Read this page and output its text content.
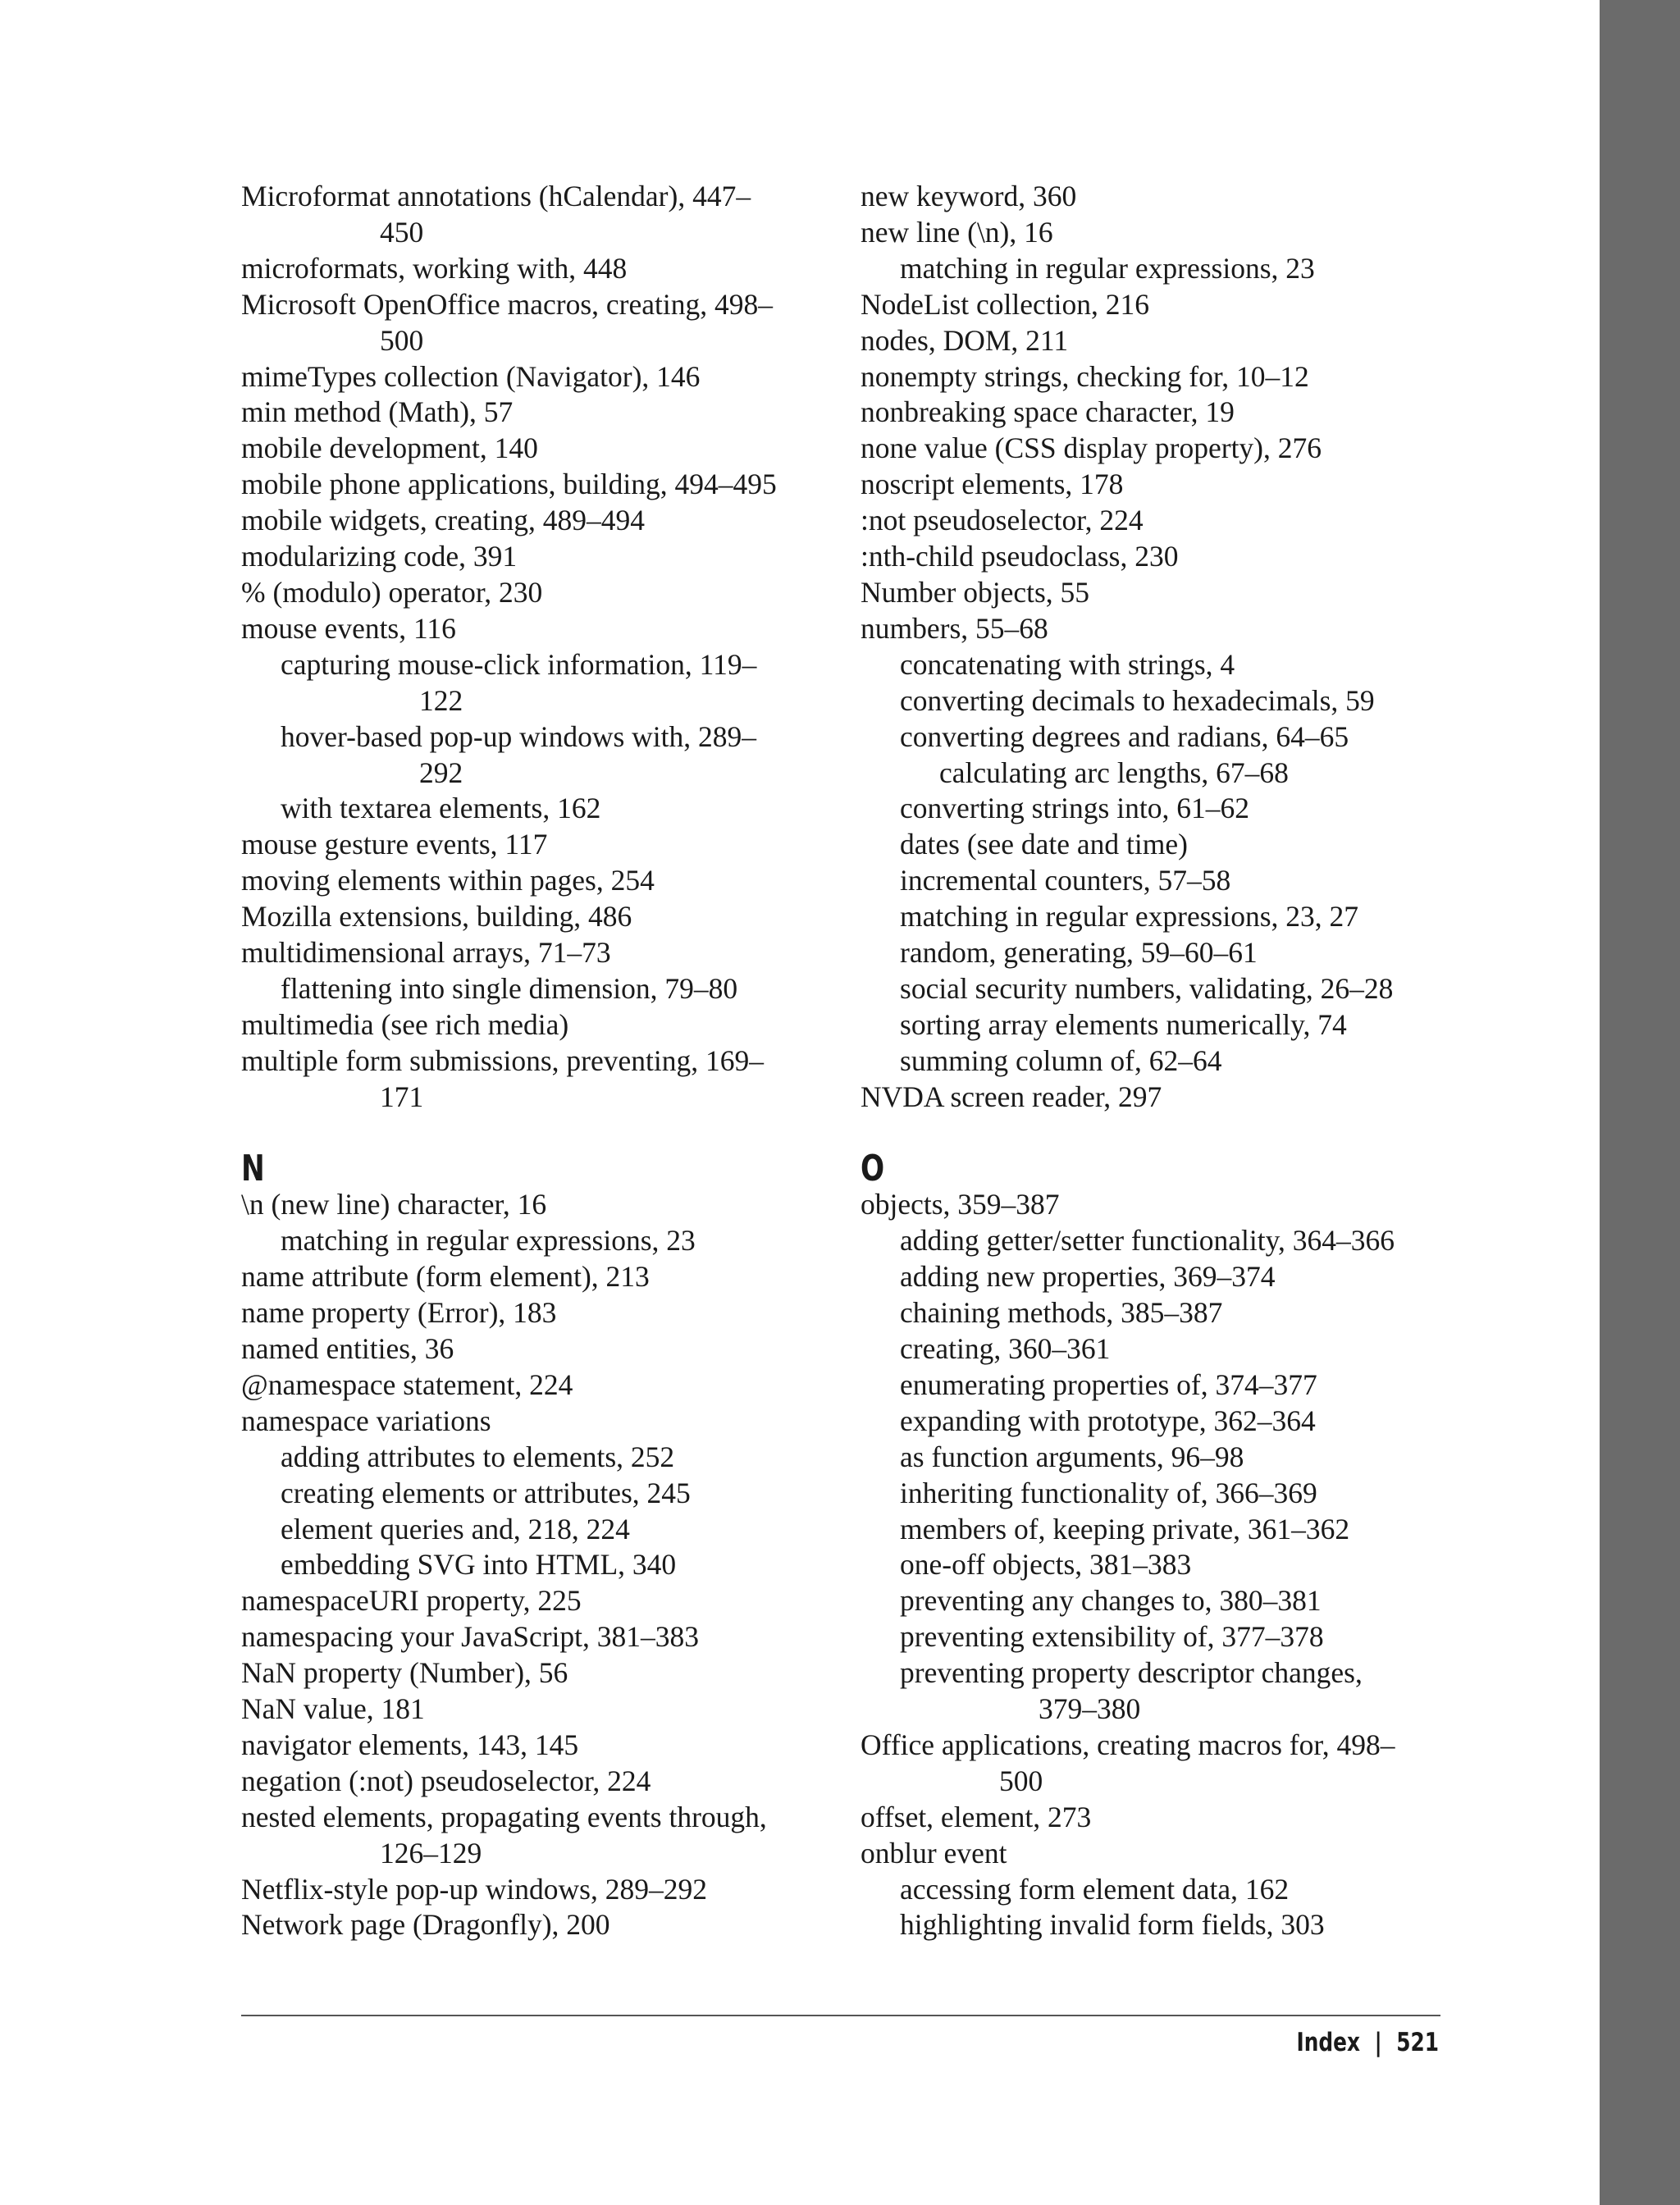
Microformat annotations (hCalendar), 447–
450
microformats, working with, 448
Microsoft OpenOffice macros, creating, 498–
500
mimeTypes collection (Navigator), 146
min method (Math), 57
mobile development, 140
mobile phone applications, building, 494–495
mobile widgets, creating, 489–494
modularizing code, 391
% (modulo) operator, 230
mouse events, 116
capturing mouse-click information, 119–
122
hover-based pop-up windows with, 289–
292
with textarea elements, 162
mouse gesture events, 117
moving elements within pages, 254
Mozilla extensions, building, 486
multidimensional arrays, 71–73
flattening into single dimension, 79–80
multimedia (see rich media)
multiple form submissions, preventing, 169–
171
N
\n (new line) character, 16
matching in regular expressions, 23
name attribute (form element), 213
name property (Error), 183
named entities, 36
@namespace statement, 224
namespace variations
adding attributes to elements, 252
creating elements or attributes, 245
element queries and, 218, 224
embedding SVG into HTML, 340
namespaceURI property, 225
namespacing your JavaScript, 381–383
NaN property (Number), 56
NaN value, 181
navigator elements, 143, 145
negation (:not) pseudoselector, 224
nested elements, propagating events through,
126–129
Netflix-style pop-up windows, 289–292
Network page (Dragonfly), 200
new keyword, 360
new line (\n), 16
matching in regular expressions, 23
NodeList collection, 216
nodes, DOM, 211
nonempty strings, checking for, 10–12
nonbreaking space character, 19
none value (CSS display property), 276
noscript elements, 178
:not pseudoselector, 224
:nth-child pseudoclass, 230
Number objects, 55
numbers, 55–68
concatenating with strings, 4
converting decimals to hexadecimals, 59
converting degrees and radians, 64–65
calculating arc lengths, 67–68
converting strings into, 61–62
dates (see date and time)
incremental counters, 57–58
matching in regular expressions, 23, 27
random, generating, 59–60–61
social security numbers, validating, 26–28
sorting array elements numerically, 74
summing column of, 62–64
NVDA screen reader, 297
O
objects, 359–387
adding getter/setter functionality, 364–366
adding new properties, 369–374
chaining methods, 385–387
creating, 360–361
enumerating properties of, 374–377
expanding with prototype, 362–364
as function arguments, 96–98
inheriting functionality of, 366–369
members of, keeping private, 361–362
one-off objects, 381–383
preventing any changes to, 380–381
preventing extensibility of, 377–378
preventing property descriptor changes,
379–380
Office applications, creating macros for, 498–
500
offset, element, 273
onblur event
accessing form element data, 162
highlighting invalid form fields, 303
Index | 521
